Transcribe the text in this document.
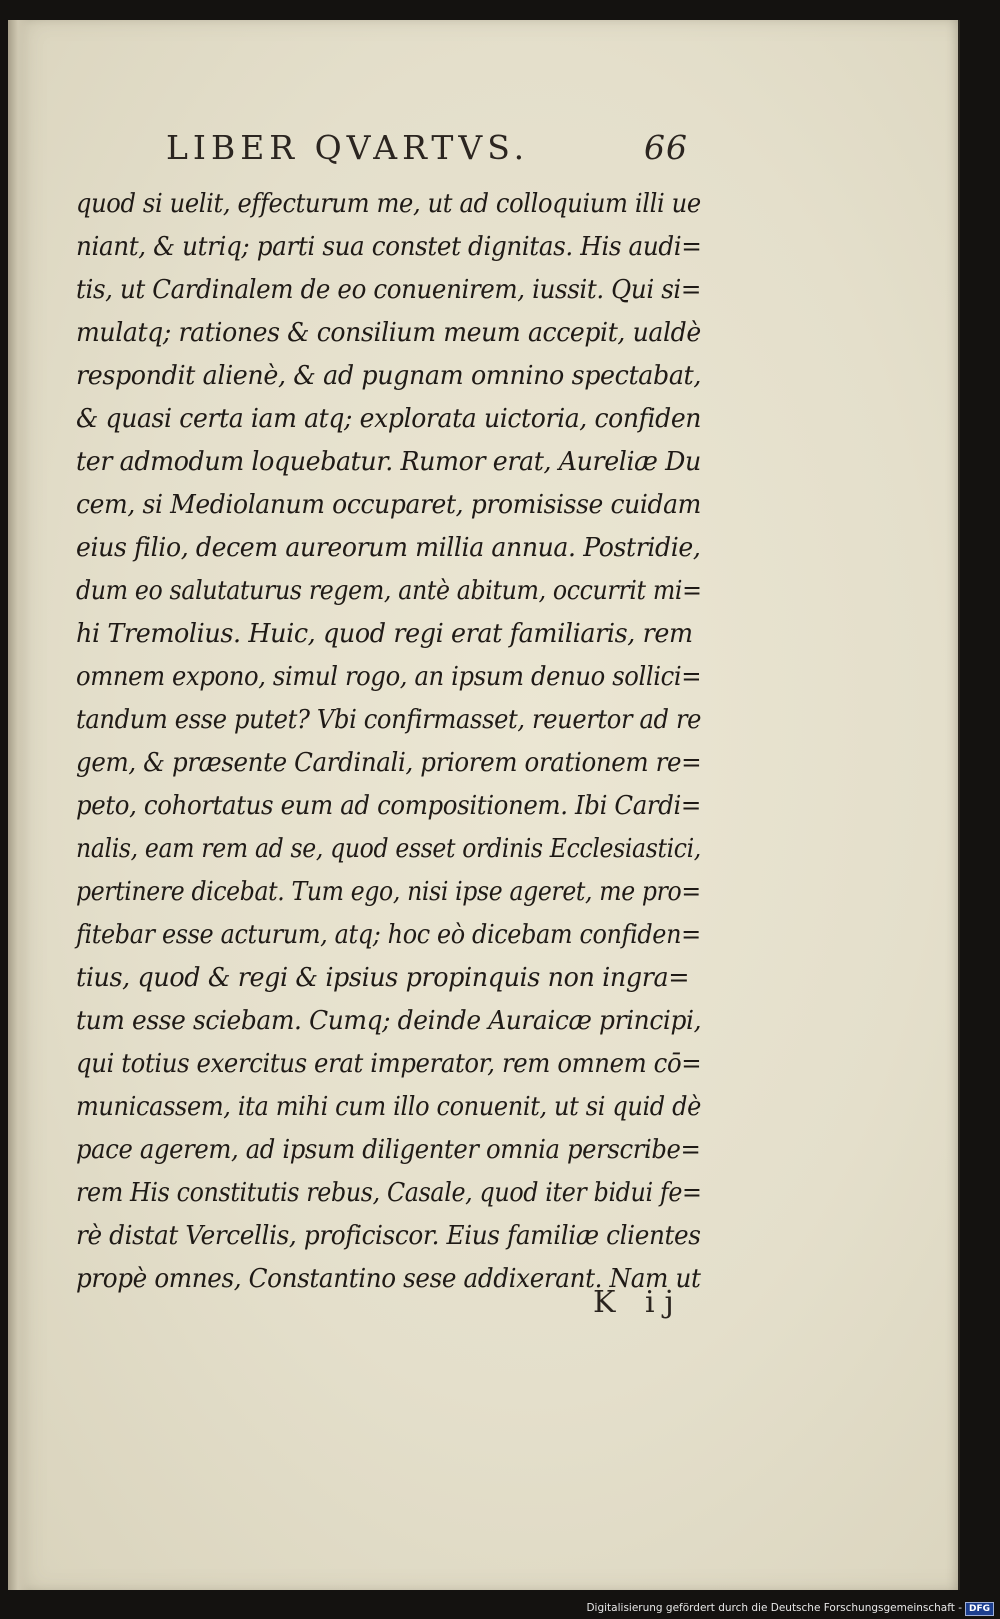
LIBER QVARTVS.	66
quod si uelit, effecturum me, ut ad colloquium illi ue
niant, & utriq; parti sua constet dignitas. His audi=
tis, ut Cardinalem de eo conuenirem, iussit. Qui si=
mulatq; rationes & consilium meum accepit, ualdè
respondit alienè, & ad pugnam omnino spectabat,
& quasi certa iam atq; explorata uictoria, confiden
ter admodum loquebatur. Rumor erat, Aureliæ Du
cem, si Mediolanum occuparet, promisisse cuidam
eius filio, decem aureorum millia annua. Postridie,
dum eo salutaturus regem, antè abitum, occurrit mi=
hi Tremolius. Huic, quod regi erat familiaris, rem
omnem expono, simul rogo, an ipsum denuo sollici=
tandum esse putet? Vbi confirmasset, reuertor ad re
gem, & præsente Cardinali, priorem orationem re=
peto, cohortatus eum ad compositionem. Ibi Cardi=
nalis, eam rem ad se, quod esset ordinis Ecclesiastici,
pertinere dicebat. Tum ego, nisi ipse ageret, me pro=
fitebar esse acturum, atq; hoc eò dicebam confiden=
tius, quod & regi & ipsius propinquis non ingra=
tum esse sciebam. Cumq; deinde Auraicæ principi,
qui totius exercitus erat imperator, rem omnem cō=
municassem, ita mihi cum illo conuenit, ut si quid dè
pace agerem, ad ipsum diligenter omnia perscribe=
rem His constitutis rebus, Casale, quod iter bidui fe=
rè distat Vercellis, proficiscor. Eius familiæ clientes
propè omnes, Constantino sese addixerant. Nam ut
K ij
Digitalisierung gefördert durch die Deutsche Forschungsgemeinschaft - DFG
